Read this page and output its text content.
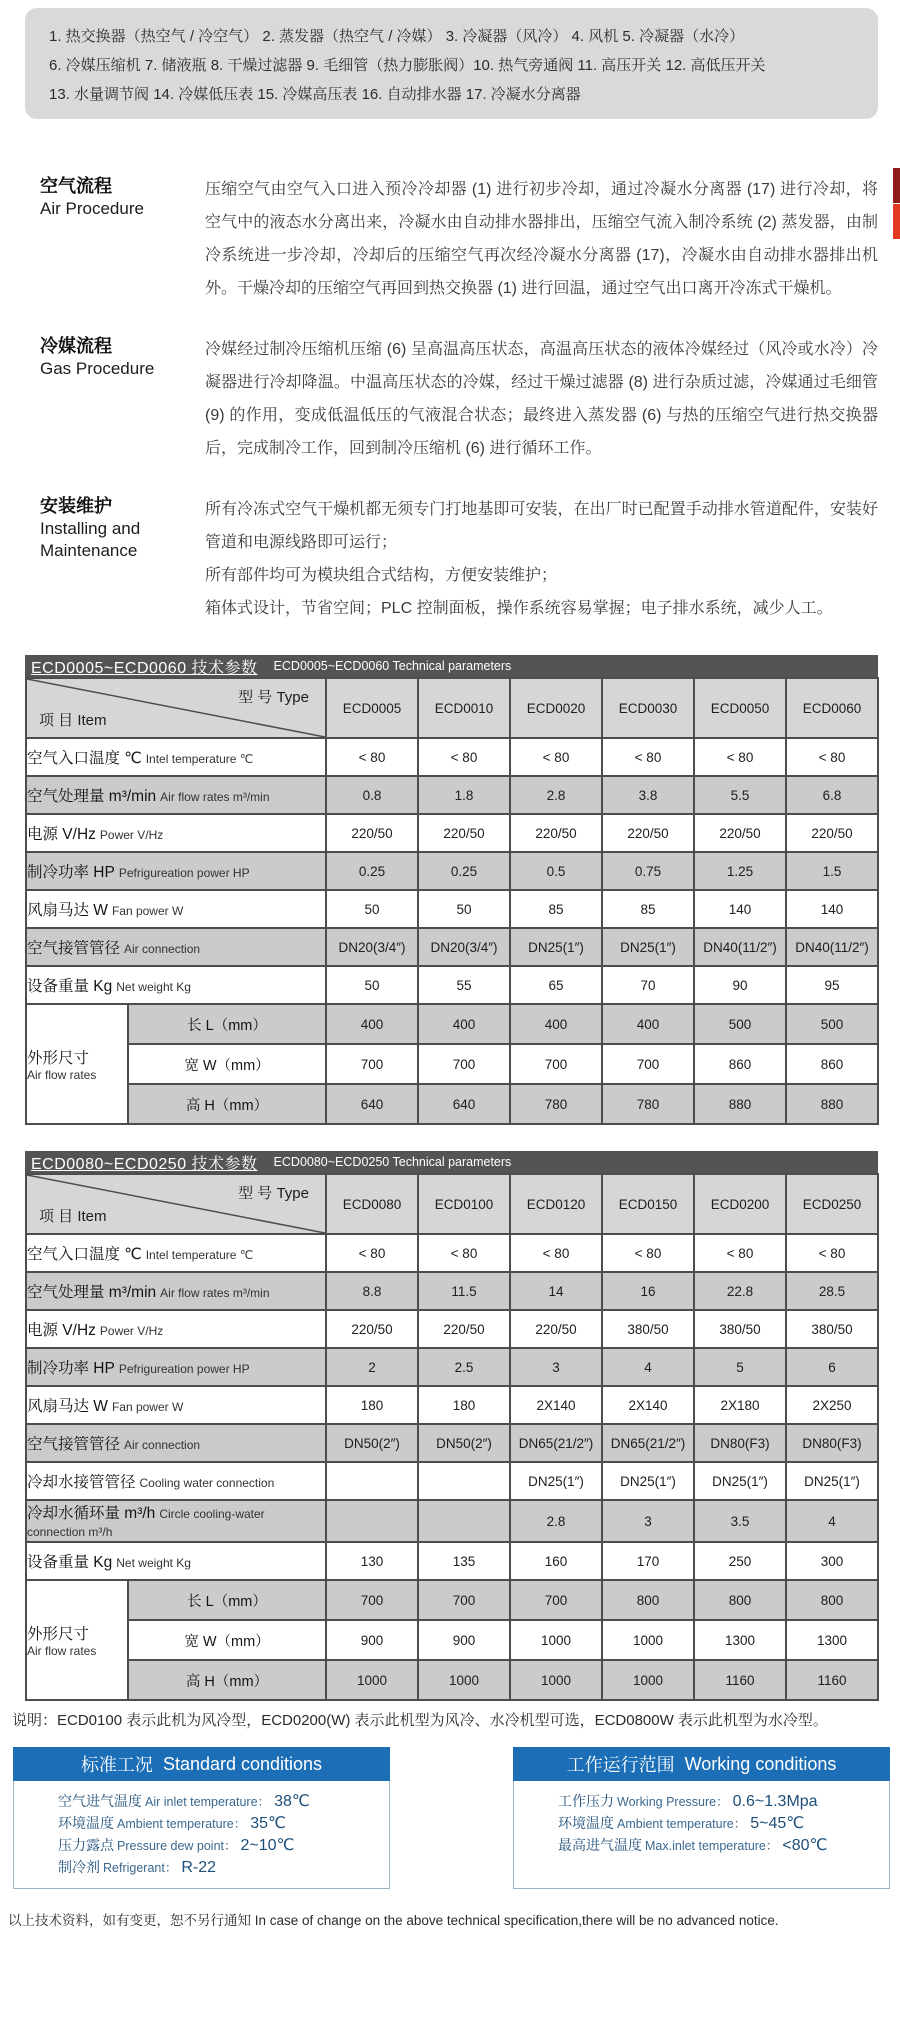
1. 热交换器（热空气 / 冷空气） 2. 蒸发器（热空气 / 冷媒） 3. 冷凝器（风冷） 4. 风机 5. 冷凝器（水冷）
6. 冷媒压缩机 7. 储液瓶 8. 干燥过滤器 9. 毛细管（热力膨胀阀）10. 热气旁通阀 11. 高压开关 12. 高低压开关
13. 水量调节阀 14. 冷媒低压表 15. 冷媒高压表 16. 自动排水器 17. 冷凝水分离器
空气流程
Air Procedure

压缩空气由空气入口进入预冷冷却器 (1) 进行初步冷却，通过冷凝水分离器 (17) 进行冷却，将空气中的液态水分离出来，冷凝水由自动排水器排出，压缩空气流入制冷系统 (2) 蒸发器，由制冷系统进一步冷却，冷却后的压缩空气再次经冷凝水分离器 (17)，冷凝水由自动排水器排出机外。干燥冷却的压缩空气再回到热交换器 (1) 进行回温，通过空气出口离开冷冻式干燥机。

冷媒流程
Gas Procedure

冷媒经过制冷压缩机压缩 (6) 呈高温高压状态，高温高压状态的液体冷媒经过（风冷或水冷）冷凝器进行冷却降温。中温高压状态的冷媒，经过干燥过滤器 (8) 进行杂质过滤，冷媒通过毛细管 (9) 的作用，变成低温低压的气液混合状态；最终进入蒸发器 (6) 与热的压缩空气进行热交换器后，完成制冷工作，回到制冷压缩机 (6) 进行循环工作。

安装维护
Installing and Maintenance

所有冷冻式空气干燥机都无须专门打地基即可安装，在出厂时已配置手动排水管道配件，安装好管道和电源线路即可运行；

所有部件均可为模块组合式结构，方便安装维护；

箱体式设计，节省空间；PLC 控制面板，操作系统容易掌握；电子排水系统，减少人工。

ECD0005~ECD0060 技术参数 ECD0005~ECD0060 Technical parameters
型 号 Type
项 目 Item		ECD0005	ECD0010	ECD0020	ECD0030	ECD0050	ECD0060
空气入口温度 ℃ Intel temperature ℃		< 80	< 80	< 80	< 80	< 80	< 80
空气处理量 m³/min Air flow rates m³/min		0.8	1.8	2.8	3.8	5.5	6.8
电源 V/Hz Power V/Hz		220/50	220/50	220/50	220/50	220/50	220/50
制冷功率 HP Pefrigureation power HP		0.25	0.25	0.5	0.75	1.25	1.5
风扇马达 W Fan power W		50	50	85	85	140	140
空气接管管径 Air connection		DN20(3/4″)	DN20(3/4″)	DN25(1″)	DN25(1″)	DN40(11/2″)	DN40(11/2″)
设备重量 Kg Net weight Kg		50	55	65	70	90	95

外形尺寸
Air flow rates	长 L（mm）	400	400	400	400	500	500
	宽 W（mm）	700	700	700	700	860	860
	高 H（mm）	640	640	780	780	880	880
ECD0080~ECD0250 技术参数 ECD0080~ECD0250 Technical parameters
型 号 Type
项 目 Item		ECD0080	ECD0100	ECD0120	ECD0150	ECD0200	ECD0250
空气入口温度 ℃ Intel temperature ℃		< 80	< 80	< 80	< 80	< 80	< 80
空气处理量 m³/min Air flow rates m³/min		8.8	11.5	14	16	22.8	28.5
电源 V/Hz Power V/Hz		220/50	220/50	220/50	380/50	380/50	380/50
制冷功率 HP Pefrigureation power HP		2	2.5	3	4	5	6
风扇马达 W Fan power W		180	180	2X140	2X140	2X180	2X250
空气接管管径 Air connection		DN50(2″)	DN50(2″)	DN65(21/2″)	DN65(21/2″)	DN80(F3)	DN80(F3)
冷却水接管管径 Cooling water connection				DN25(1″)	DN25(1″)	DN25(1″)	DN25(1″)
冷却水循环量 m³/h Circle cooling-water connection m³/h				2.8	3	3.5	4
设备重量 Kg Net weight Kg		130	135	160	170	250	300

外形尺寸
Air flow rates	长 L（mm）	700	700	700	800	800	800
	宽 W（mm）	900	900	1000	1000	1300	1300
	高 H（mm）	1000	1000	1000	1000	1160	1160

说明：ECD0100 表示此机为风冷型，ECD0200(W) 表示此机型为风冷、水冷机型可选，ECD0800W 表示此机型为水冷型。

标准工况 Standard conditions
空气进气温度 Air inlet temperature： 38℃
环境温度 Ambient temperature： 35℃
压力露点 Pressure dew point： 2~10℃
制冷剂 Refrigerant： R-22
工作运行范围 Working conditions
工作压力 Working Pressure： 0.6~1.3Mpa
环境温度 Ambient temperature： 5~45℃
最高进气温度 Max.inlet temperature： <80℃

以上技术资料，如有变更，恕不另行通知 In case of change on the above technical specification,there will be no advanced notice.
